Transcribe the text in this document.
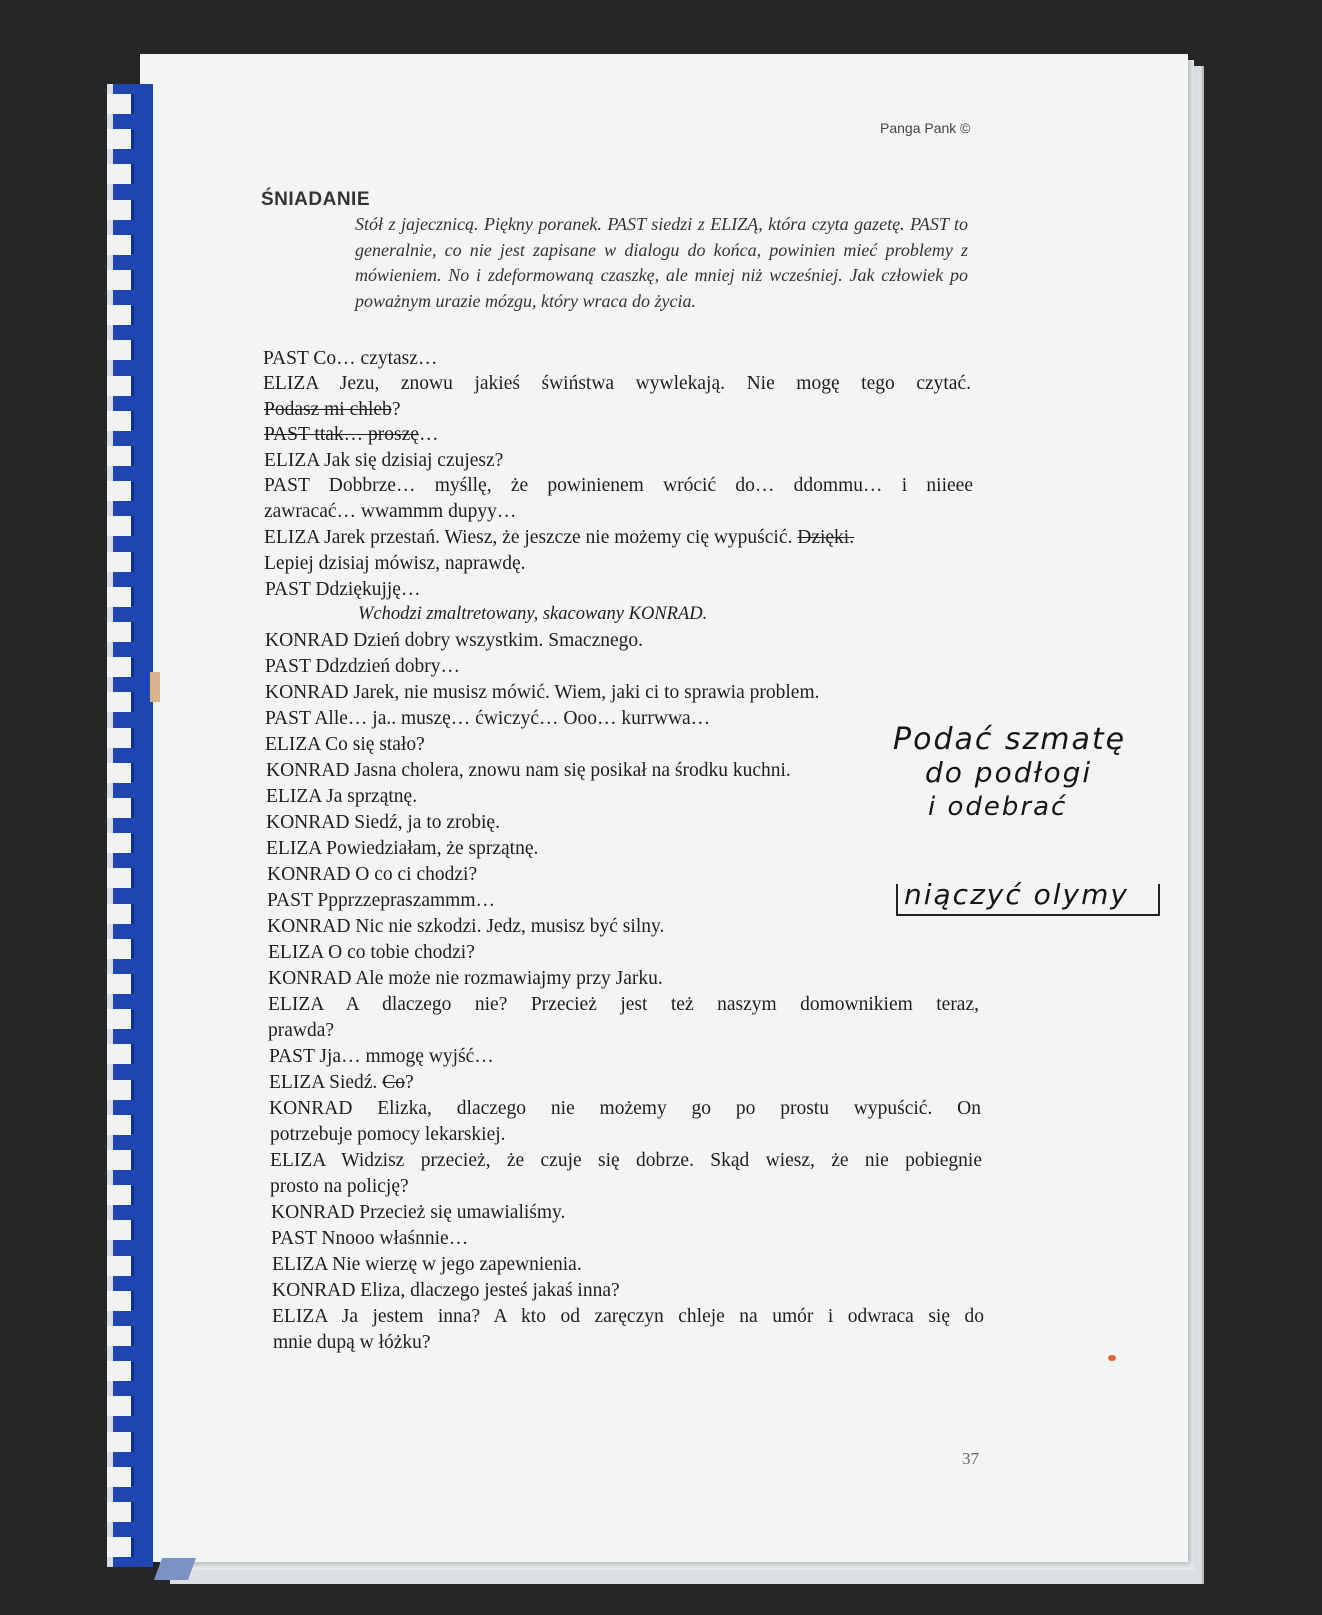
Panga Pank ©
ŚNIADANIE
Stół z jajecznicą. Piękny poranek. PAST siedzi z ELIZĄ, która czyta gazetę. PAST to generalnie, co nie jest zapisane w dialogu do końca, powinien mieć problemy z mówieniem. No i zdeformowaną czaszkę, ale mniej niż wcześniej. Jak człowiek po poważnym urazie mózgu, który wraca do życia.
PAST Co… czytasz…
ELIZA Jezu, znowu jakieś świństwa wywlekają. Nie mogę tego czytać.
Podasz mi chleb?
PAST ttak… proszę…
ELIZA Jak się dzisiaj czujesz?
PAST Dobbrze… myśllę, że powinienem wrócić do… ddommu… i niieee
zawracać… wwammm dupyy…
ELIZA Jarek przestań. Wiesz, że jeszcze nie możemy cię wypuścić. Dzięki.
Lepiej dzisiaj mówisz, naprawdę.
PAST Ddziękujję…
Wchodzi zmaltretowany, skacowany KONRAD.
KONRAD Dzień dobry wszystkim. Smacznego.
PAST Ddzdzień dobry…
KONRAD Jarek, nie musisz mówić. Wiem, jaki ci to sprawia problem.
PAST Alle… ja.. muszę… ćwiczyć… Ooo… kurrwwa…
ELIZA Co się stało?
KONRAD Jasna cholera, znowu nam się posikał na środku kuchni.
ELIZA Ja sprzątnę.
KONRAD Siedź, ja to zrobię.
ELIZA Powiedziałam, że sprzątnę.
KONRAD O co ci chodzi?
PAST Ppprzzepraszammm…
KONRAD Nic nie szkodzi. Jedz, musisz być silny.
ELIZA O co tobie chodzi?
KONRAD Ale może nie rozmawiajmy przy Jarku.
ELIZA A dlaczego nie? Przecież jest też naszym domownikiem teraz,
prawda?
PAST Jja… mmogę wyjść…
ELIZA Siedź. Co?
KONRAD Elizka, dlaczego nie możemy go po prostu wypuścić. On
potrzebuje pomocy lekarskiej.
ELIZA Widzisz przecież, że czuje się dobrze. Skąd wiesz, że nie pobiegnie
prosto na policję?
KONRAD Przecież się umawialiśmy.
PAST Nnooo właśnnie…
ELIZA Nie wierzę w jego zapewnienia.
KONRAD Eliza, dlaczego jesteś jakaś inna?
ELIZA Ja jestem inna? A kto od zaręczyn chleje na umór i odwraca się do
mnie dupą w łóżku?
Podać szmatę
do podłogi
i odebrać
niączyć olymy
37
